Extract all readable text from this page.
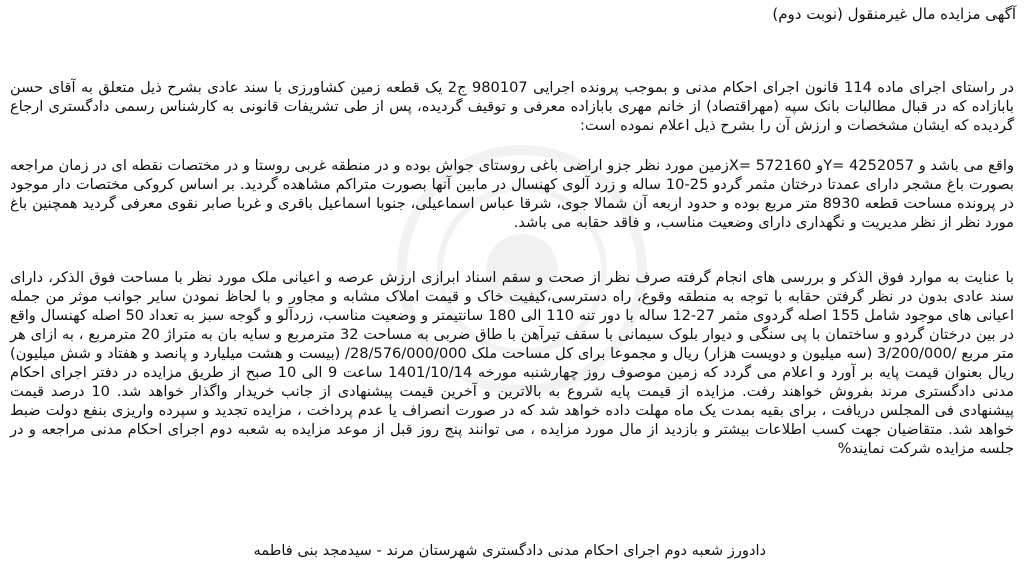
آگهی مزایده مال غیرمنقول (نوبت دوم)
در راستای اجرای ماده 114 قانون اجرای احکام مدنی و بموجب پرونده اجرایی 980107 ج2 یک قطعه زمین کشاورزی با سند عادی بشرح ذیل متعلق به آقای حسن بابازاده که در قبال مطالبات بانک سپه (مهراقتصاد) از خانم مهری بابازاده معرفی و توقیف گردیده، پس از طی تشریفات قانونی به کارشناس رسمی دادگستری ارجاع گردیده که ایشان مشخصات و ارزش آن را بشرح ذیل اعلام نموده است:
واقع می باشد و Y= 4252057و X= 572160زمین مورد نظر جزو اراضی باغی روستای جواش بوده و در منطقه غربی روستا و در مختصات نقطه ای در زمان مراجعه بصورت باغ مشجر دارای عمدتا درختان مثمر گردو 25-10 ساله و زرد آلوی کهنسال در مابین آنها بصورت متراکم مشاهده گردید. بر اساس کروکی مختصات دار موجود در پرونده مساحت قطعه 8930 متر مربع بوده و حدود اربعه آن شمالا جوی، شرقا عباس اسماعیلی، جنوبا اسماعیل باقری و غربا صابر نقوی معرفی گردید همچنین باغ مورد نظر از نظر مدیریت و نگهداری دارای وضعیت مناسب، و فاقد حقابه می باشد.
با عنایت به موارد فوق الذکر و بررسی های انجام گرفته صرف نظر از صحت و سقم اسناد ابرازی ارزش عرصه و اعیانی ملک مورد نظر با مساحت فوق الذکر، دارای سند عادی بدون در نظر گرفتن حقابه با توجه به منطقه وقوع، راه دسترسی،کیفیت خاک و قیمت املاک مشابه و مجاور و با لحاظ نمودن سایر جوانب موثر من جمله اعیانی های موجود شامل 155 اصله گردوی مثمر 27-12 ساله با دور تنه 110 الی 180 سانتیمتر و وضعیت مناسب، زردآلو و گوجه سبز به تعداد 50 اصله کهنسال واقع در بین درختان گردو و ساختمان با پی سنگی و دیوار بلوک سیمانی با سقف تیرآهن با طاق ضربی به مساحت 32 مترمربع و سایه بان به متراژ 20 مترمربع ، به ازای هر متر مربع /3/200/000 (سه میلیون و دویست هزار) ریال و مجموعا برای کل مساحت ملک 28/576/000/000/ (بیست و هشت میلیارد و پانصد و هفتاد و شش میلیون) ریال بعنوان قیمت پایه بر آورد و اعلام می گردد که زمین موصوف روز چهارشنبه مورخه 1401/10/14 ساعت 9 الی 10 صبح از طریق مزایده در دفتر اجرای احکام مدنی دادگستری مرند بفروش خواهند رفت. مزایده از قیمت پایه شروع به بالاترین و آخرین قیمت پیشنهادی از جانب خریدار واگذار خواهد شد. 10 درصد قیمت پیشنهادی فی المجلس دریافت ، برای بقیه بمدت یک ماه مهلت داده خواهد شد که در صورت انصراف یا عدم پرداخت ، مزایده تجدید و سپرده واریزی بنفع دولت ضبط خواهد شد. متقاضیان جهت کسب اطلاعات بیشتر و بازدید از مال مورد مزایده ، می توانند پنج روز قبل از موعد مزایده به شعبه دوم اجرای احکام مدنی مراجعه و در جلسه مزایده شرکت نمایند%
دادورز شعبه دوم اجرای احکام مدنی دادگستری شهرستان مرند - سیدمجد بنی فاطمه
